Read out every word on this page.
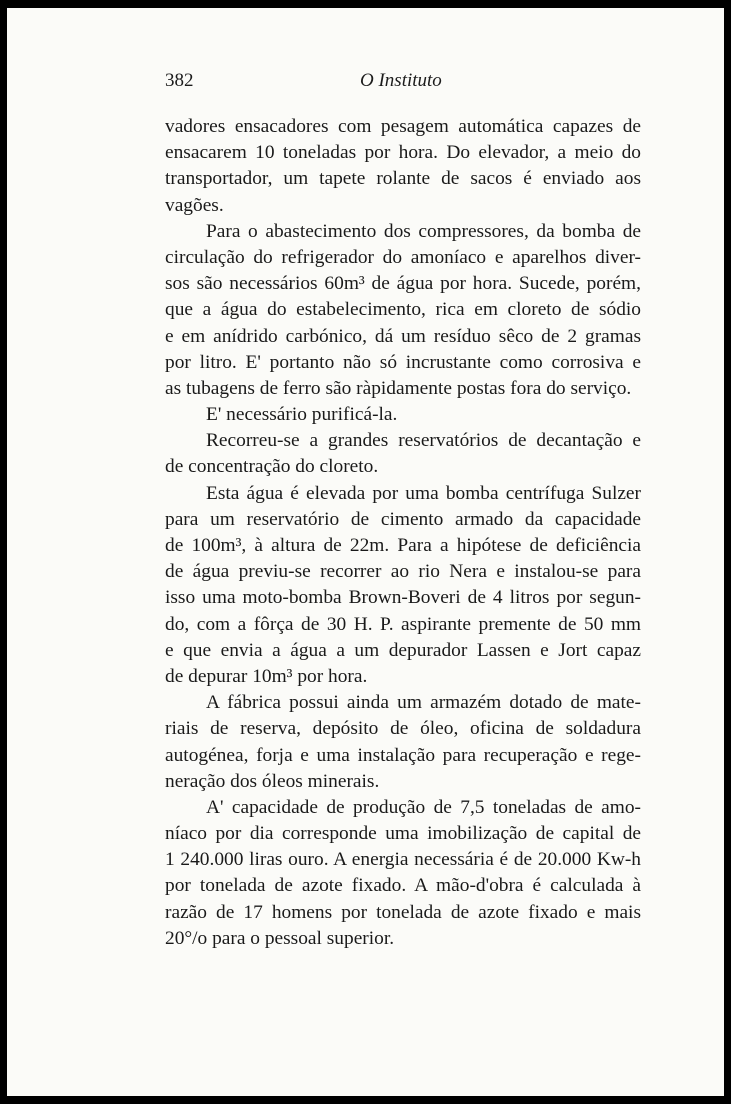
382	O Instituto
vadores ensacadores com pesagem automática capazes de
ensacarem 10 toneladas por hora. Do elevador, a meio do
transportador, um tapete rolante de sacos é enviado aos
vagões.
Para o abastecimento dos compressores, da bomba de
circulação do refrigerador do amoníaco e aparelhos diver-
sos são necessários 60m³ de água por hora. Sucede, porém,
que a água do estabelecimento, rica em cloreto de sódio
e em anídrido carbónico, dá um resíduo sêco de 2 gramas
por litro. E' portanto não só incrustante como corrosiva e
as tubagens de ferro são ràpidamente postas fora do serviço.
E' necessário purificá-la.
Recorreu-se a grandes reservatórios de decantação e
de concentração do cloreto.
Esta água é elevada por uma bomba centrífuga Sulzer
para um reservatório de cimento armado da capacidade
de 100m³, à altura de 22m. Para a hipótese de deficiência
de água previu-se recorrer ao rio Nera e instalou-se para
isso uma moto-bomba Brown-Boveri de 4 litros por segun-
do, com a fôrça de 30 H. P. aspirante premente de 50 mm
e que envia a água a um depurador Lassen e Jort capaz
de depurar 10m³ por hora.
A fábrica possui ainda um armazém dotado de mate-
riais de reserva, depósito de óleo, oficina de soldadura
autogénea, forja e uma instalação para recuperação e rege-
neração dos óleos minerais.
A' capacidade de produção de 7,5 toneladas de amo-
níaco por dia corresponde uma imobilização de capital de
1 240.000 liras ouro. A energia necessária é de 20.000 Kw-h
por tonelada de azote fixado. A mão-d'obra é calculada à
razão de 17 homens por tonelada de azote fixado e mais
20°/o para o pessoal superior.
